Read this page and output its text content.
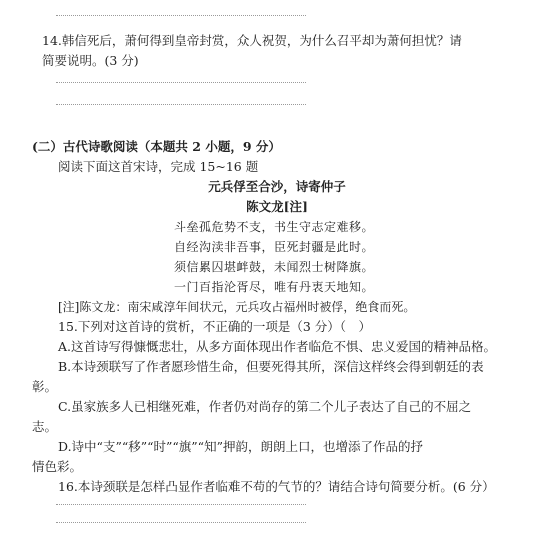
14.韩信死后，萧何得到皇帝封赏，众人祝贺，为什么召平却为萧何担忧？请
简要说明。(3 分)
(二）古代诗歌阅读（本题共 2 小题，9 分）
阅读下面这首宋诗，完成 15~16 题
元兵俘至合沙，诗寄仲子
陈文龙[注]
斗垒孤危势不支，书生守志定难移。
自经沟渎非吾事，臣死封疆是此时。
须信累囚堪衅鼓，未闻烈士树降旗。
一门百指沦胥尽，唯有丹衷天地知。
[注]陈文龙：南宋咸淳年间状元，元兵攻占福州时被俘，绝食而死。
15.下列对这首诗的赏析，不正确的一项是（3 分）（　）
A.这首诗写得慷慨悲壮，从多方面体现出作者临危不惧、忠义爱国的精神品格。
B.本诗颈联写了作者愿珍惜生命，但要死得其所，深信这样终会得到朝廷的表
彰。
C.虽家族多人已相继死难，作者仍对尚存的第二个儿子表达了自己的不屈之
志。
D.诗中“支”“移”“时”“旗”“知”押韵，朗朗上口，也增添了作品的抒
情色彩。
16.本诗颈联是怎样凸显作者临难不苟的气节的？请结合诗句简要分析。(6 分）
